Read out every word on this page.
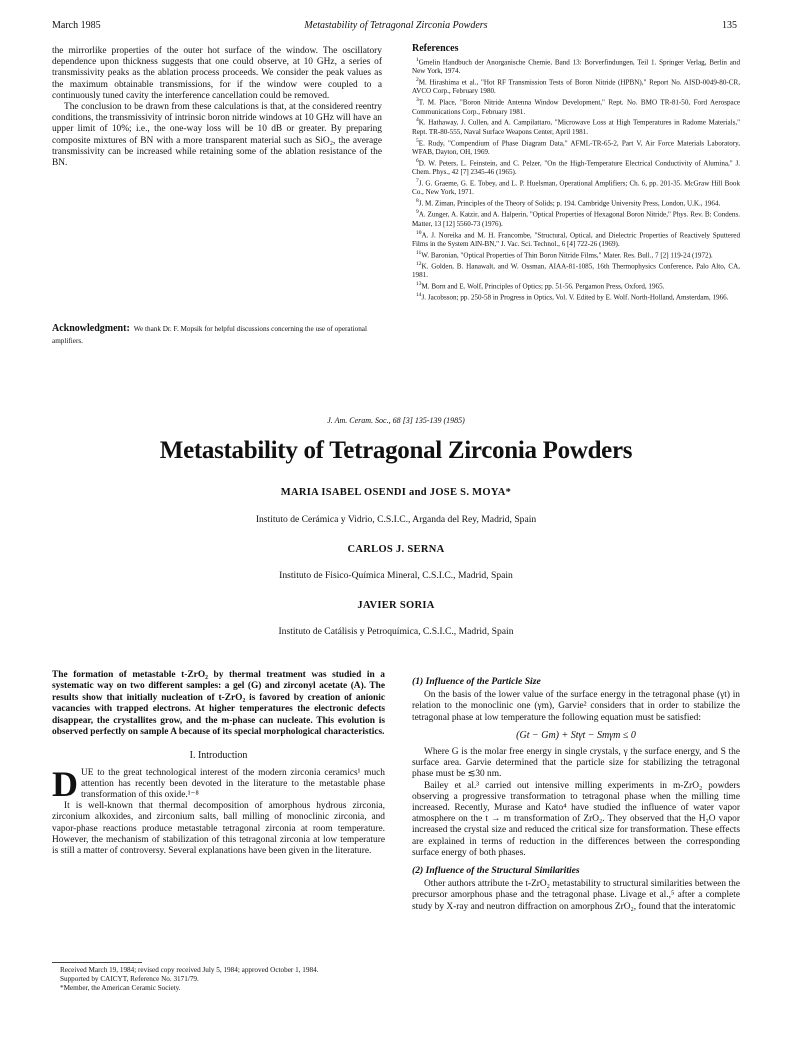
March 1985	Metastability of Tetragonal Zirconia Powders	135

the mirrorlike properties of the outer hot surface of the window. The oscillatory dependence upon thickness suggests that one could observe, at 10 GHz, a series of transmissivity peaks as the ablation process proceeds. We consider the peak values as the maximum obtainable transmissions, for if the window were coupled to a continuously tuned cavity the interference cancellation could be removed.

The conclusion to be drawn from these calculations is that, at the considered reentry conditions, the transmissivity of intrinsic boron nitride windows at 10 GHz will have an upper limit of 10%; i.e., the one-way loss will be 10 dB or greater. By preparing composite mixtures of BN with a more transparent material such as SiO₂, the average transmissivity can be increased while retaining some of the ablation resistance of the BN.

Acknowledgment: We thank Dr. F. Mopsik for helpful discussions concerning the use of operational amplifiers.
References
$^1$Gmelin Handbuch der Anorganische Chemie, Band 13: Borverfindungen, Teil 1. Springer Verlag, Berlin and New York, 1974.
$^2$M. Hirashima et al., "Hot RF Transmission Tests of Boron Nitride (HPBN)," Report No. AISD-0049-80-CR, AVCO Corp., February 1980.
$^3$T. M. Place, "Boron Nitride Antenna Window Development," Rept. No. BMO TR-81-50, Ford Aerospace Communications Corp., February 1981.
$^4$K. Hathaway, J. Cullen, and A. Campilattaro, "Microwave Loss at High Temperatures in Radome Materials," Rept. TR-80-555, Naval Surface Weapons Center, April 1981.
$^5$E. Rudy, "Compendium of Phase Diagram Data," AFML-TR-65-2, Part V, Air Force Materials Laboratory, WFAB, Dayton, OH, 1969.
$^6$D. W. Peters, L. Feinstein, and C. Pelzer, "On the High-Temperature Electrical Conductivity of Alumina," J. Chem. Phys., 42 [7] 2345-46 (1965).
$^7$J. G. Graeme, G. E. Tobey, and L. P. Huelsman, Operational Amplifiers; Ch. 6, pp. 201-35. McGraw Hill Book Co., New York, 1971.
$^8$J. M. Ziman, Principles of the Theory of Solids; p. 194. Cambridge University Press, London, U.K., 1964.
$^9$A. Zunger, A. Katzir, and A. Halperin, "Optical Properties of Hexagonal Boron Nitride," Phys. Rev. B: Condens. Matter, 13 [12] 5560-73 (1976).
$^{10}$A. J. Noreika and M. H. Francombe, "Structural, Optical, and Dielectric Properties of Reactively Sputtered Films in the System AlN-BN," J. Vac. Sci. Technol., 6 [4] 722-26 (1969).
$^{11}$W. Baronian, "Optical Properties of Thin Boron Nitride Films," Mater. Res. Bull., 7 [2] 119-24 (1972).
$^{12}$K. Golden, B. Hanawalt, and W. Ossman, AIAA-81-1085, 16th Thermophysics Conference, Palo Alto, CA, 1981.
$^{13}$M. Born and E. Wolf, Principles of Optics; pp. 51-56. Pergamon Press, Oxford, 1965.
$^{14}$J. Jacobsson; pp. 250-58 in Progress in Optics, Vol. V. Edited by E. Wolf. North-Holland, Amsterdam, 1966.
J. Am. Ceram. Soc., 68 [3] 135-139 (1985)
Metastability of Tetragonal Zirconia Powders
MARIA ISABEL OSENDI and JOSE S. MOYA*
Instituto de Cerámica y Vidrio, C.S.I.C., Arganda del Rey, Madrid, Spain
CARLOS J. SERNA
Instituto de Fisico-Química Mineral, C.S.I.C., Madrid, Spain
JAVIER SORIA
Instituto de Catálisis y Petroquímica, C.S.I.C., Madrid, Spain

The formation of metastable t-ZrO₂ by thermal treatment was studied in a systematic way on two different samples: a gel (G) and zirconyl acetate (A). The results show that initially nucleation of t-ZrO₂ is favored by creation of anionic vacancies with trapped electrons. At higher temperatures the electronic defects disappear, the crystallites grow, and the m-phase can nucleate. This evolution is observed perfectly on sample A because of its special morphological characteristics.

I. Introduction

DUE to the great technological interest of the modern zirconia ceramics¹ much attention has recently been devoted in the literature to the metastable phase transformation of this oxide.¹⁻⁸

It is well-known that thermal decomposition of amorphous hydrous zirconia, zirconium alkoxides, and zirconium salts, ball milling of monoclinic zirconia, and vapor-phase reactions produce metastable tetragonal zirconia at room temperature. However, the mechanism of stabilization of this tetragonal zirconia at low temperature is still a matter of controversy. Several explanations have been given in the literature.

Received March 19, 1984; revised copy received July 5, 1984; approved October 1, 1984.
Supported by CAICYT, Reference No. 3171/79.
*Member, the American Ceramic Society.
(1) Influence of the Particle Size

On the basis of the lower value of the surface energy in the tetragonal phase (γt) in relation to the monoclinic one (γm), Garvie² considers that in order to stabilize the tetragonal phase at low temperature the following equation must be satisfied:

(Gt − Gm) + Stγt − Smγm ≤ 0

Where G is the molar free energy in single crystals, γ the surface energy, and S the surface area. Garvie determined that the particle size for stabilizing the tetragonal phase must be ≲30 nm.

Bailey et al.³ carried out intensive milling experiments in m-ZrO₂ powders observing a progressive transformation to tetragonal phase when the milling time increased. Recently, Murase and Kato⁴ have studied the influence of water vapor atmosphere on the t → m transformation of ZrO₂. They observed that the H₂O vapor increased the crystal size and reduced the critical size for transformation. These effects are explained in terms of reduction in the differences between the corresponding surface energy of both phases.

(2) Influence of the Structural Similarities

Other authors attribute the t-ZrO₂ metastability to structural similarities between the precursor amorphous phase and the tetragonal phase. Livage et al.,⁵ after a complete study by X-ray and neutron diffraction on amorphous ZrO₂, found that the interatomic
